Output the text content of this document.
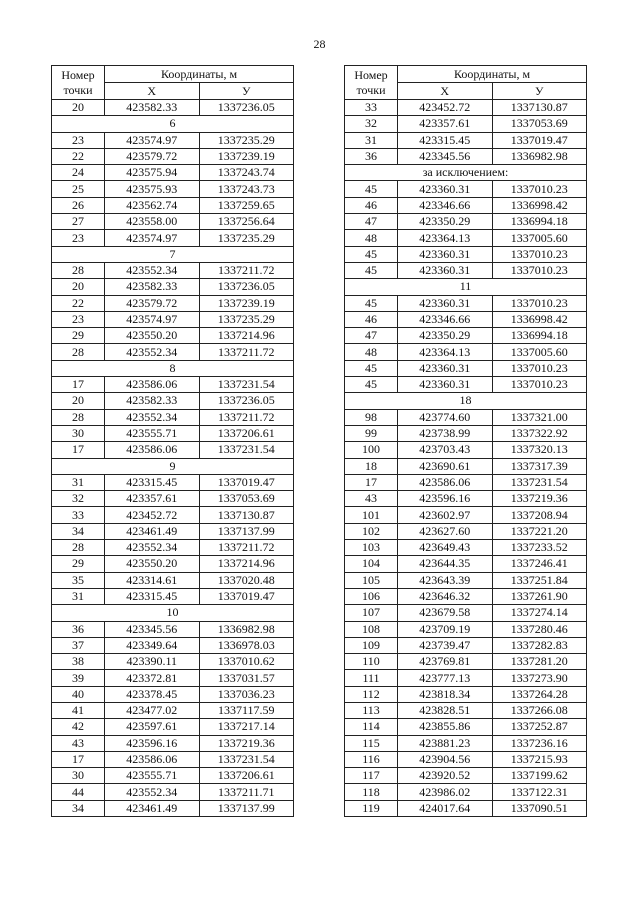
28
Номер
точки	Координаты, м	
	Х	У
20	423582.33	1337236.05
6		
23	423574.97	1337235.29
22	423579.72	1337239.19
24	423575.94	1337243.74
25	423575.93	1337243.73
26	423562.74	1337259.65
27	423558.00	1337256.64
23	423574.97	1337235.29
7		
28	423552.34	1337211.72
20	423582.33	1337236.05
22	423579.72	1337239.19
23	423574.97	1337235.29
29	423550.20	1337214.96
28	423552.34	1337211.72
8		
17	423586.06	1337231.54
20	423582.33	1337236.05
28	423552.34	1337211.72
30	423555.71	1337206.61
17	423586.06	1337231.54
9		
31	423315.45	1337019.47
32	423357.61	1337053.69
33	423452.72	1337130.87
34	423461.49	1337137.99
28	423552.34	1337211.72
29	423550.20	1337214.96
35	423314.61	1337020.48
31	423315.45	1337019.47
10		
36	423345.56	1336982.98
37	423349.64	1336978.03
38	423390.11	1337010.62
39	423372.81	1337031.57
40	423378.45	1337036.23
41	423477.02	1337117.59
42	423597.61	1337217.14
43	423596.16	1337219.36
17	423586.06	1337231.54
30	423555.71	1337206.61
44	423552.34	1337211.71
34	423461.49	1337137.99
Номер
точки	Координаты, м	
	Х	У
33	423452.72	1337130.87
32	423357.61	1337053.69
31	423315.45	1337019.47
36	423345.56	1336982.98
за исключением:		
45	423360.31	1337010.23
46	423346.66	1336998.42
47	423350.29	1336994.18
48	423364.13	1337005.60
45	423360.31	1337010.23
45	423360.31	1337010.23
11		
45	423360.31	1337010.23
46	423346.66	1336998.42
47	423350.29	1336994.18
48	423364.13	1337005.60
45	423360.31	1337010.23
45	423360.31	1337010.23
18		
98	423774.60	1337321.00
99	423738.99	1337322.92
100	423703.43	1337320.13
18	423690.61	1337317.39
17	423586.06	1337231.54
43	423596.16	1337219.36
101	423602.97	1337208.94
102	423627.60	1337221.20
103	423649.43	1337233.52
104	423644.35	1337246.41
105	423643.39	1337251.84
106	423646.32	1337261.90
107	423679.58	1337274.14
108	423709.19	1337280.46
109	423739.47	1337282.83
110	423769.81	1337281.20
111	423777.13	1337273.90
112	423818.34	1337264.28
113	423828.51	1337266.08
114	423855.86	1337252.87
115	423881.23	1337236.16
116	423904.56	1337215.93
117	423920.52	1337199.62
118	423986.02	1337122.31
119	424017.64	1337090.51
